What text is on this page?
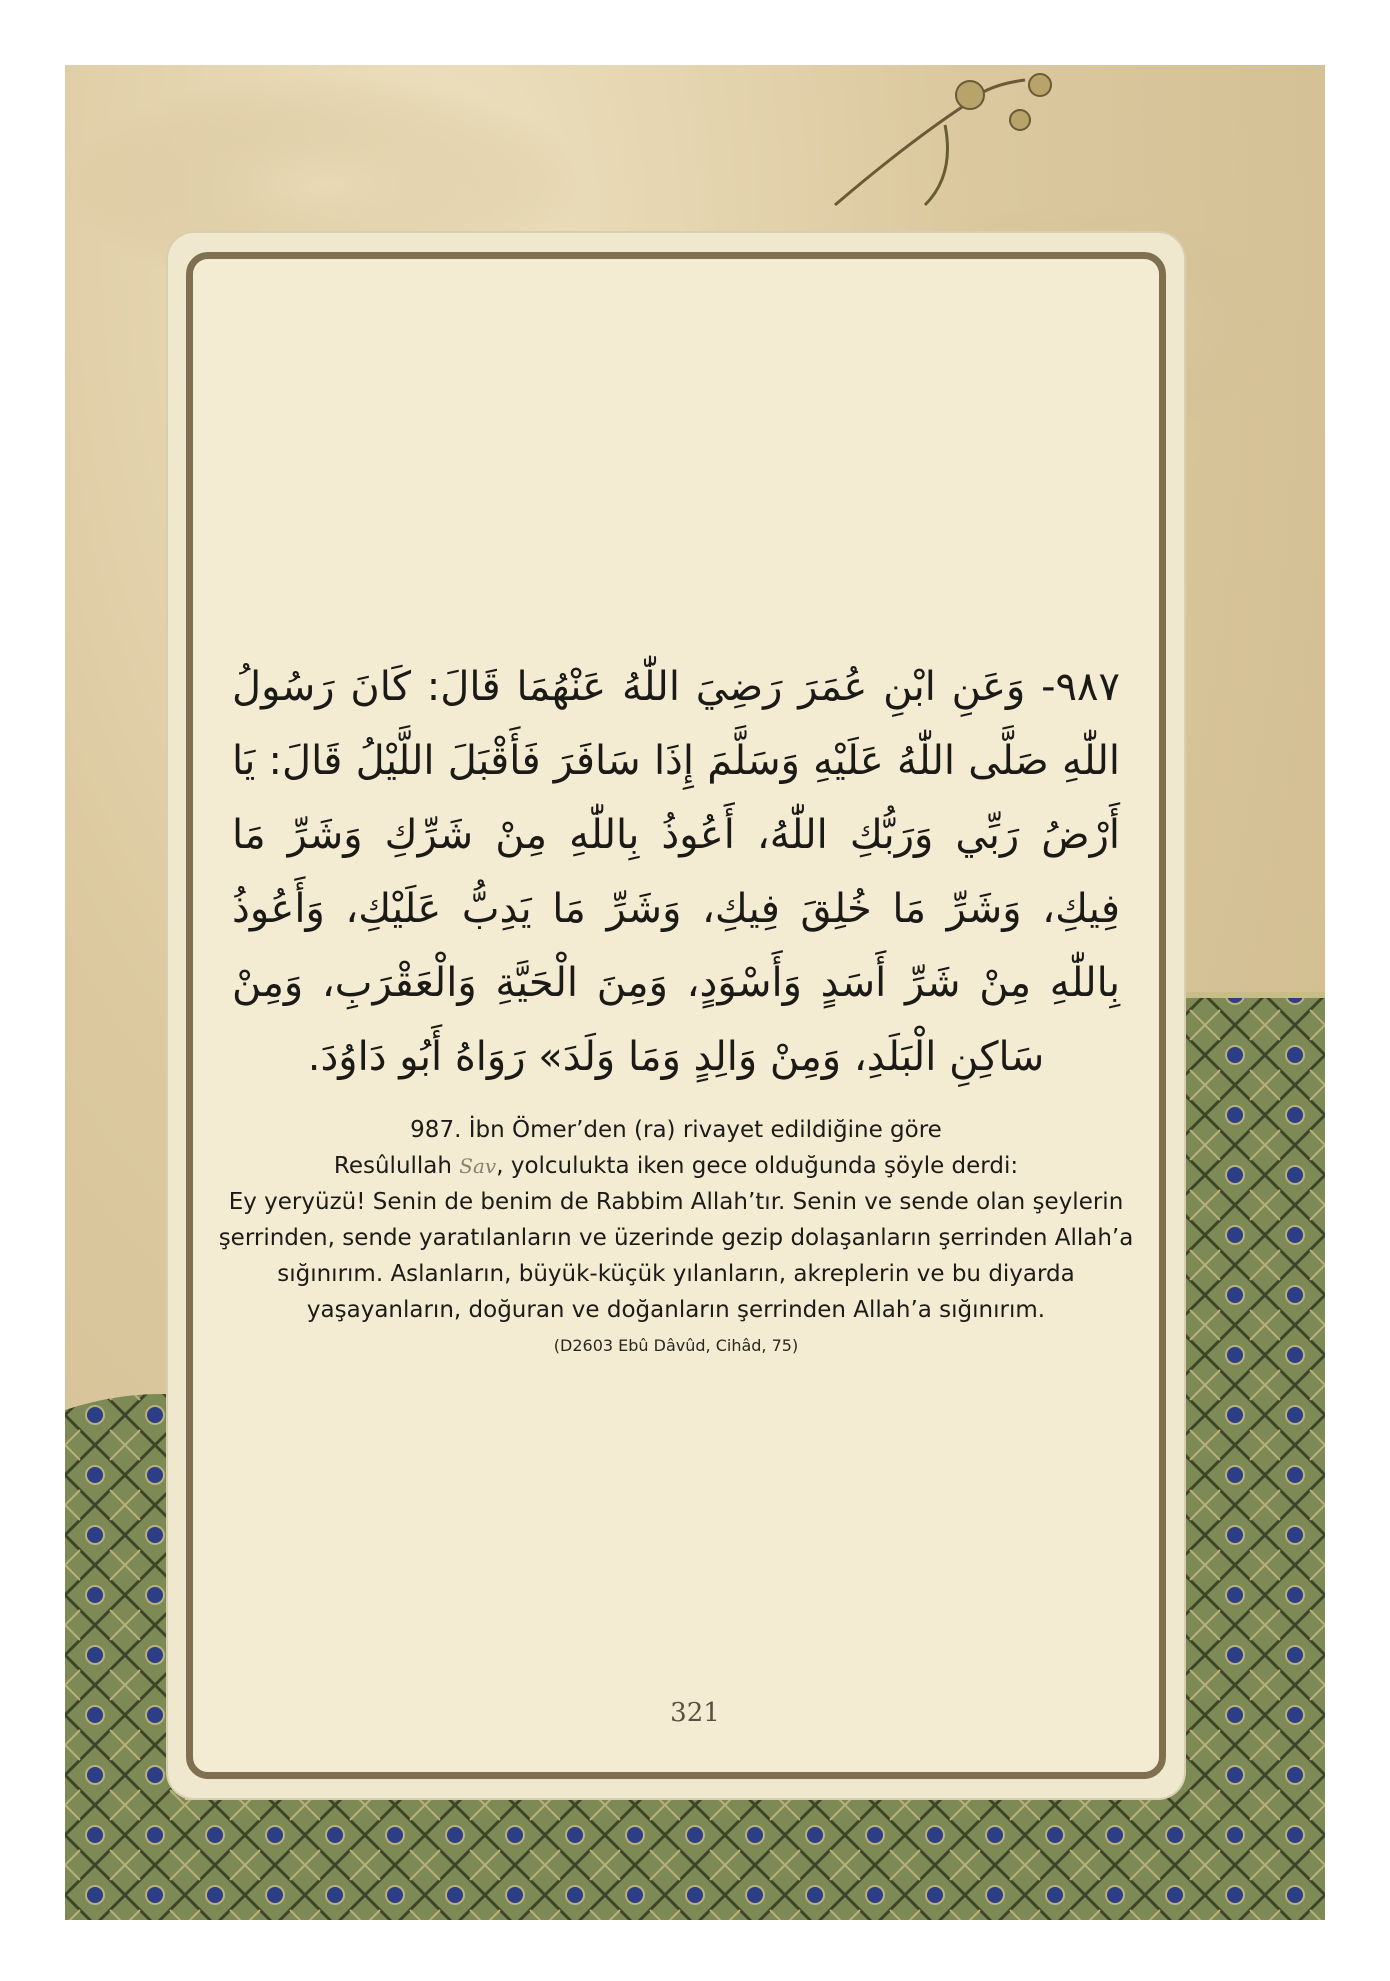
٩٨٧- وَعَنِ ابْنِ عُمَرَ رَضِيَ اللّٰهُ عَنْهُمَا قَالَ: كَانَ رَسُولُ اللّٰهِ صَلَّى اللّٰهُ عَلَيْهِ وَسَلَّمَ إِذَا سَافَرَ فَأَقْبَلَ اللَّيْلُ قَالَ: يَا أَرْضُ رَبِّي وَرَبُّكِ اللّٰهُ، أَعُوذُ بِاللّٰهِ مِنْ شَرِّكِ وَشَرِّ مَا فِيكِ، وَشَرِّ مَا خُلِقَ فِيكِ، وَشَرِّ مَا يَدِبُّ عَلَيْكِ، وَأَعُوذُ بِاللّٰهِ مِنْ شَرِّ أَسَدٍ وَأَسْوَدٍ، وَمِنَ الْحَيَّةِ وَالْعَقْرَبِ، وَمِنْ سَاكِنِ الْبَلَدِ، وَمِنْ وَالِدٍ وَمَا وَلَدَ» رَوَاهُ أَبُو دَاوُدَ.

987. İbn Ömer’den (ra) rivayet edildiğine göre

Resûlullah Sav, yolculukta iken gece olduğunda şöyle derdi:

Ey yeryüzü! Senin de benim de Rabbim Allah’tır. Senin ve sende olan şeylerin şerrinden, sende yaratılanların ve üzerinde gezip dolaşanların şerrinden Allah’a sığınırım. Aslanların, büyük-küçük yılanların, akreplerin ve bu diyarda yaşayanların, doğuran ve doğanların şerrinden Allah’a sığınırım.

(D2603 Ebû Dâvûd, Cihâd, 75)
321
